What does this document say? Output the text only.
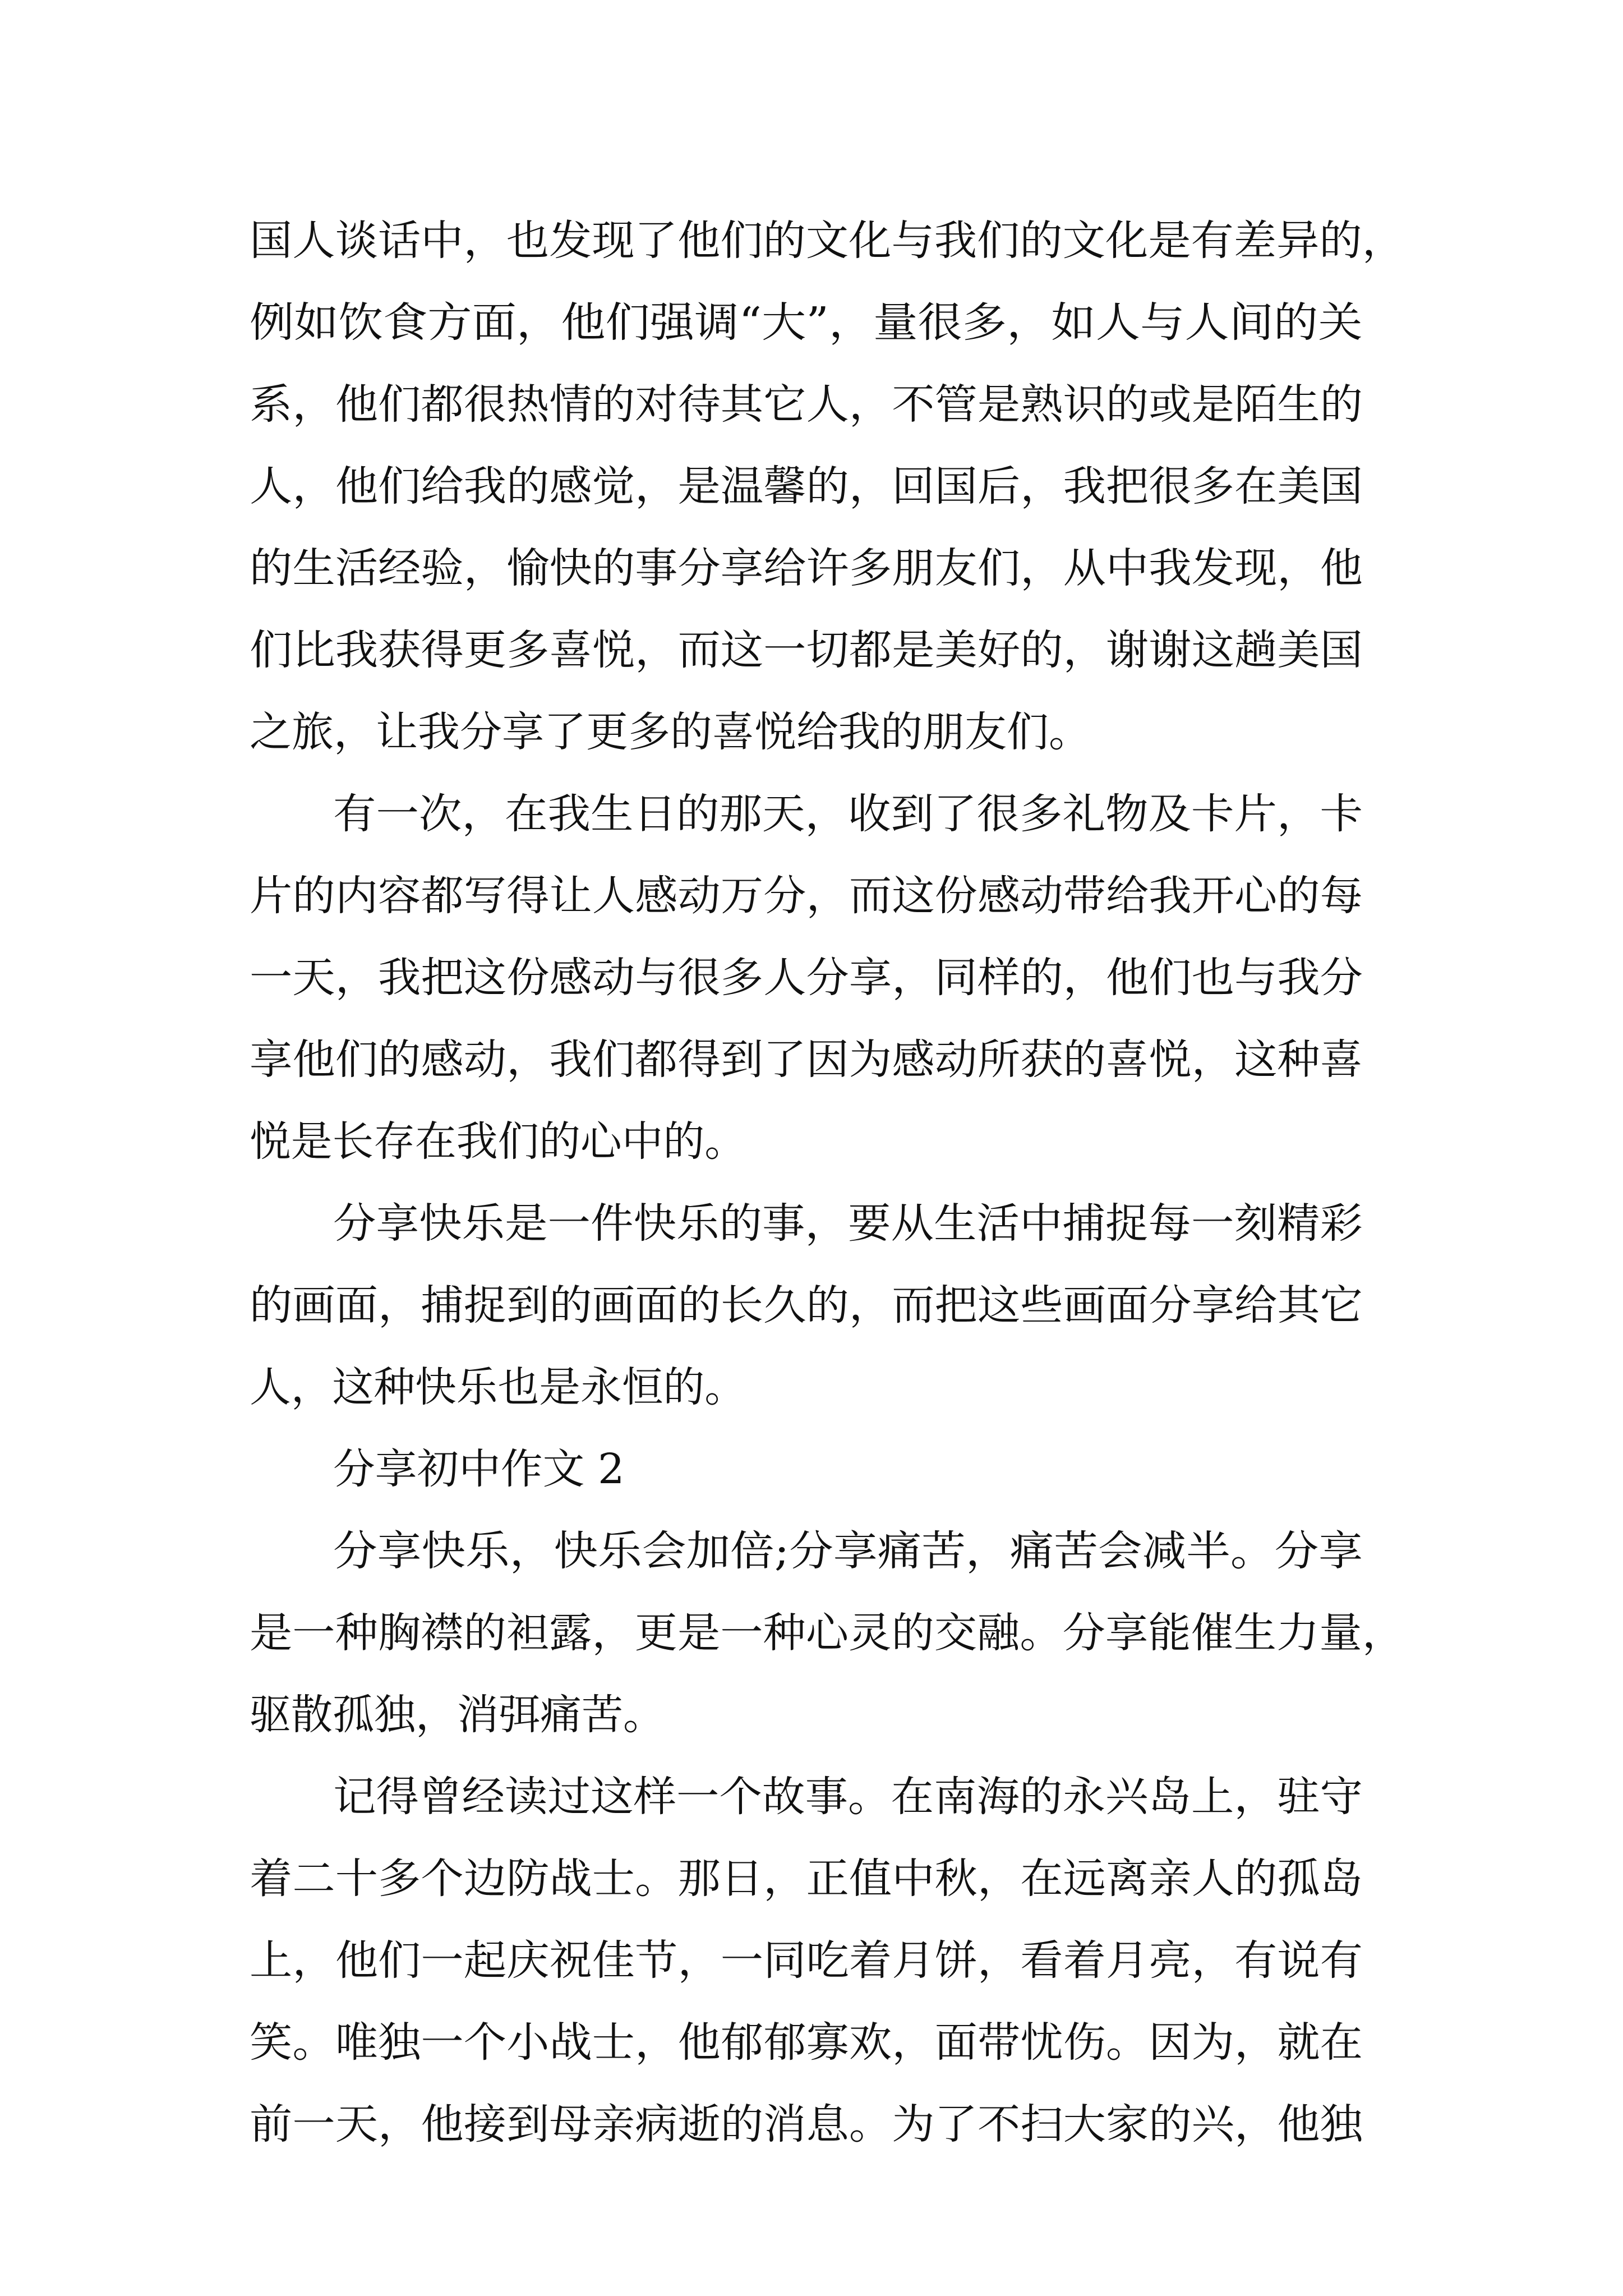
国人谈话中，也发现了他们的文化与我们的文化是有差异的，

例如饮食方面，他们强调“大”，量很多，如人与人间的关

系，他们都很热情的对待其它人，不管是熟识的或是陌生的

人，他们给我的感觉，是温馨的，回国后，我把很多在美国

的生活经验，愉快的事分享给许多朋友们，从中我发现，他

们比我获得更多喜悦，而这一切都是美好的，谢谢这趟美国

之旅，让我分享了更多的喜悦给我的朋友们。

有一次，在我生日的那天，收到了很多礼物及卡片，卡

片的内容都写得让人感动万分，而这份感动带给我开心的每

一天，我把这份感动与很多人分享，同样的，他们也与我分

享他们的感动，我们都得到了因为感动所获的喜悦，这种喜

悦是长存在我们的心中的。

分享快乐是一件快乐的事，要从生活中捕捉每一刻精彩

的画面，捕捉到的画面的长久的，而把这些画面分享给其它

人，这种快乐也是永恒的。

分享初中作文 2

分享快乐，快乐会加倍;分享痛苦，痛苦会减半。分享

是一种胸襟的袒露，更是一种心灵的交融。分享能催生力量，

驱散孤独，消弭痛苦。

记得曾经读过这样一个故事。在南海的永兴岛上，驻守

着二十多个边防战士。那日，正值中秋，在远离亲人的孤岛

上，他们一起庆祝佳节，一同吃着月饼，看着月亮，有说有

笑。唯独一个小战士，他郁郁寡欢，面带忧伤。因为，就在

前一天，他接到母亲病逝的消息。为了不扫大家的兴，他独
